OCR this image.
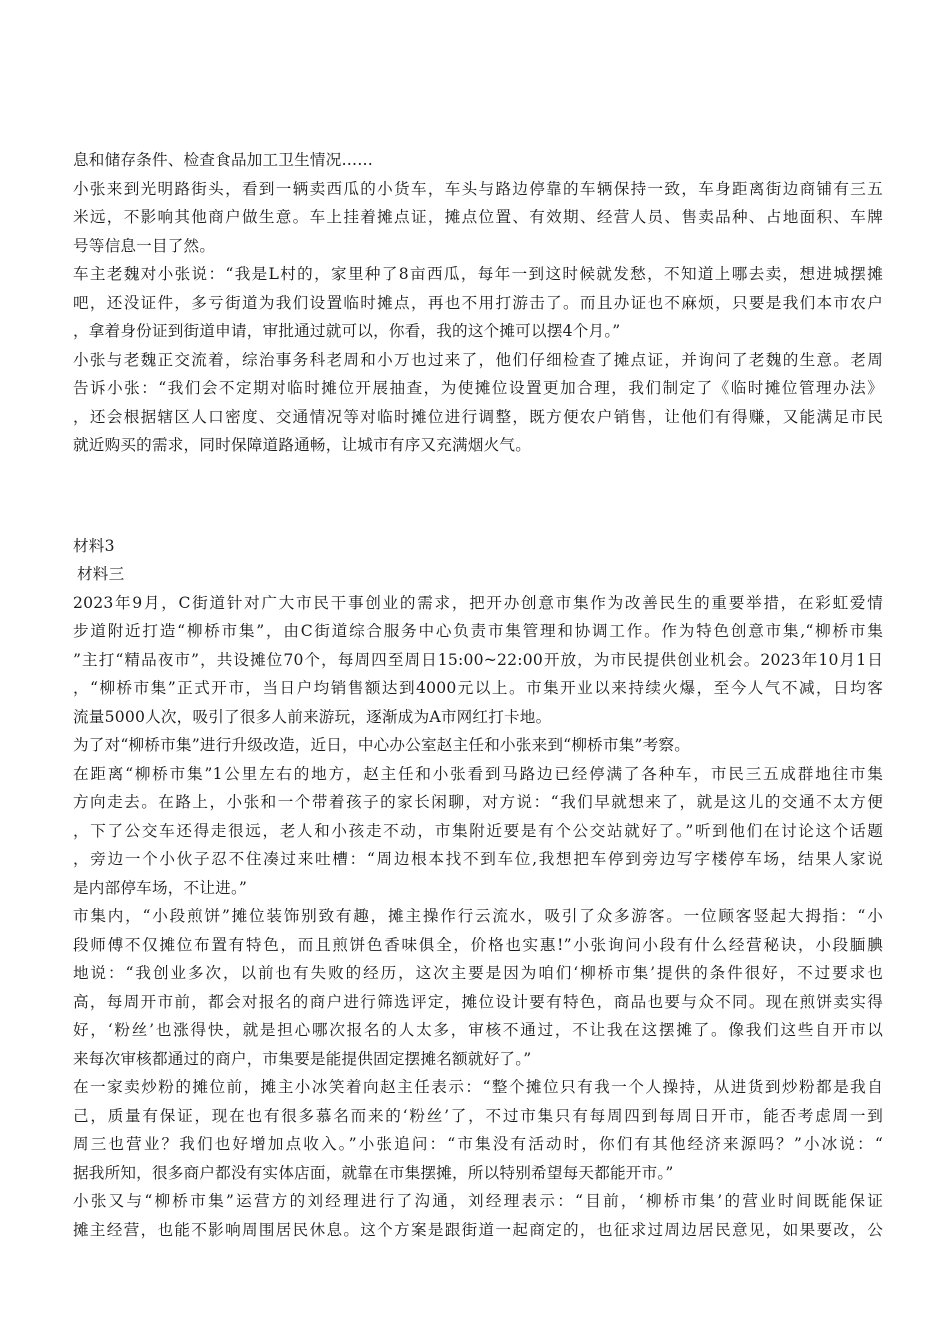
息和储存条件、检查食品加工卫生情况……
小张来到光明路街头，看到一辆卖西瓜的小货车，车头与路边停靠的车辆保持一致，车身距离街边商铺有三五
米远，不影响其他商户做生意。车上挂着摊点证，摊点位置、有效期、经营人员、售卖品种、占地面积、车牌
号等信息一目了然。
车主老魏对小张说：“我是L村的，家里种了8亩西瓜，每年一到这时候就发愁，不知道上哪去卖，想进城摆摊
吧，还没证件，多亏街道为我们设置临时摊点，再也不用打游击了。而且办证也不麻烦，只要是我们本市农户
，拿着身份证到街道申请，审批通过就可以，你看，我的这个摊可以摆4个月。”
小张与老魏正交流着，综治事务科老周和小万也过来了，他们仔细检查了摊点证，并询问了老魏的生意。老周
告诉小张：“我们会不定期对临时摊位开展抽查，为使摊位设置更加合理，我们制定了《临时摊位管理办法》
，还会根据辖区人口密度、交通情况等对临时摊位进行调整，既方便农户销售，让他们有得赚，又能满足市民
就近购买的需求，同时保障道路通畅，让城市有序又充满烟火气。
材料3
材料三
2023年9月，C街道针对广大市民干事创业的需求，把开办创意市集作为改善民生的重要举措，在彩虹爱情
步道附近打造“柳桥市集”，由C街道综合服务中心负责市集管理和协调工作。作为特色创意市集,“柳桥市集
”主打“精品夜市”，共设摊位70个，每周四至周日15:00~22:00开放，为市民提供创业机会。2023年10月1日
，“柳桥市集”正式开市，当日户均销售额达到4000元以上。市集开业以来持续火爆，至今人气不减，日均客
流量5000人次，吸引了很多人前来游玩，逐渐成为A市网红打卡地。
为了对“柳桥市集”进行升级改造，近日，中心办公室赵主任和小张来到“柳桥市集”考察。
在距离“柳桥市集”1公里左右的地方，赵主任和小张看到马路边已经停满了各种车，市民三五成群地往市集
方向走去。在路上，小张和一个带着孩子的家长闲聊，对方说：“我们早就想来了，就是这儿的交通不太方便
，下了公交车还得走很远，老人和小孩走不动，市集附近要是有个公交站就好了。”听到他们在讨论这个话题
，旁边一个小伙子忍不住凑过来吐槽：“周边根本找不到车位,我想把车停到旁边写字楼停车场，结果人家说
是内部停车场，不让进。”
市集内，“小段煎饼”摊位装饰别致有趣，摊主操作行云流水，吸引了众多游客。一位顾客竖起大拇指：“小
段师傅不仅摊位布置有特色，而且煎饼色香味俱全，价格也实惠!”小张询问小段有什么经营秘诀，小段腼腆
地说：“我创业多次，以前也有失败的经历，这次主要是因为咱们‘柳桥市集’提供的条件很好，不过要求也
高，每周开市前，都会对报名的商户进行筛选评定，摊位设计要有特色，商品也要与众不同。现在煎饼卖实得
好，‘粉丝’也涨得快，就是担心哪次报名的人太多，审核不通过，不让我在这摆摊了。像我们这些自开市以
来每次审核都通过的商户，市集要是能提供固定摆摊名额就好了。”
在一家卖炒粉的摊位前，摊主小冰笑着向赵主任表示：“整个摊位只有我一个人操持，从进货到炒粉都是我自
己，质量有保证，现在也有很多慕名而来的‘粉丝’了，不过市集只有每周四到每周日开市，能否考虑周一到
周三也营业？我们也好增加点收入。”小张追问：“市集没有活动时，你们有其他经济来源吗？”小冰说：“
据我所知，很多商户都没有实体店面，就靠在市集摆摊，所以特别希望每天都能开市。”
小张又与“柳桥市集”运营方的刘经理进行了沟通，刘经理表示：“目前，‘柳桥市集’的营业时间既能保证
摊主经营，也能不影响周围居民休息。这个方案是跟街道一起商定的，也征求过周边居民意见，如果要改，公
